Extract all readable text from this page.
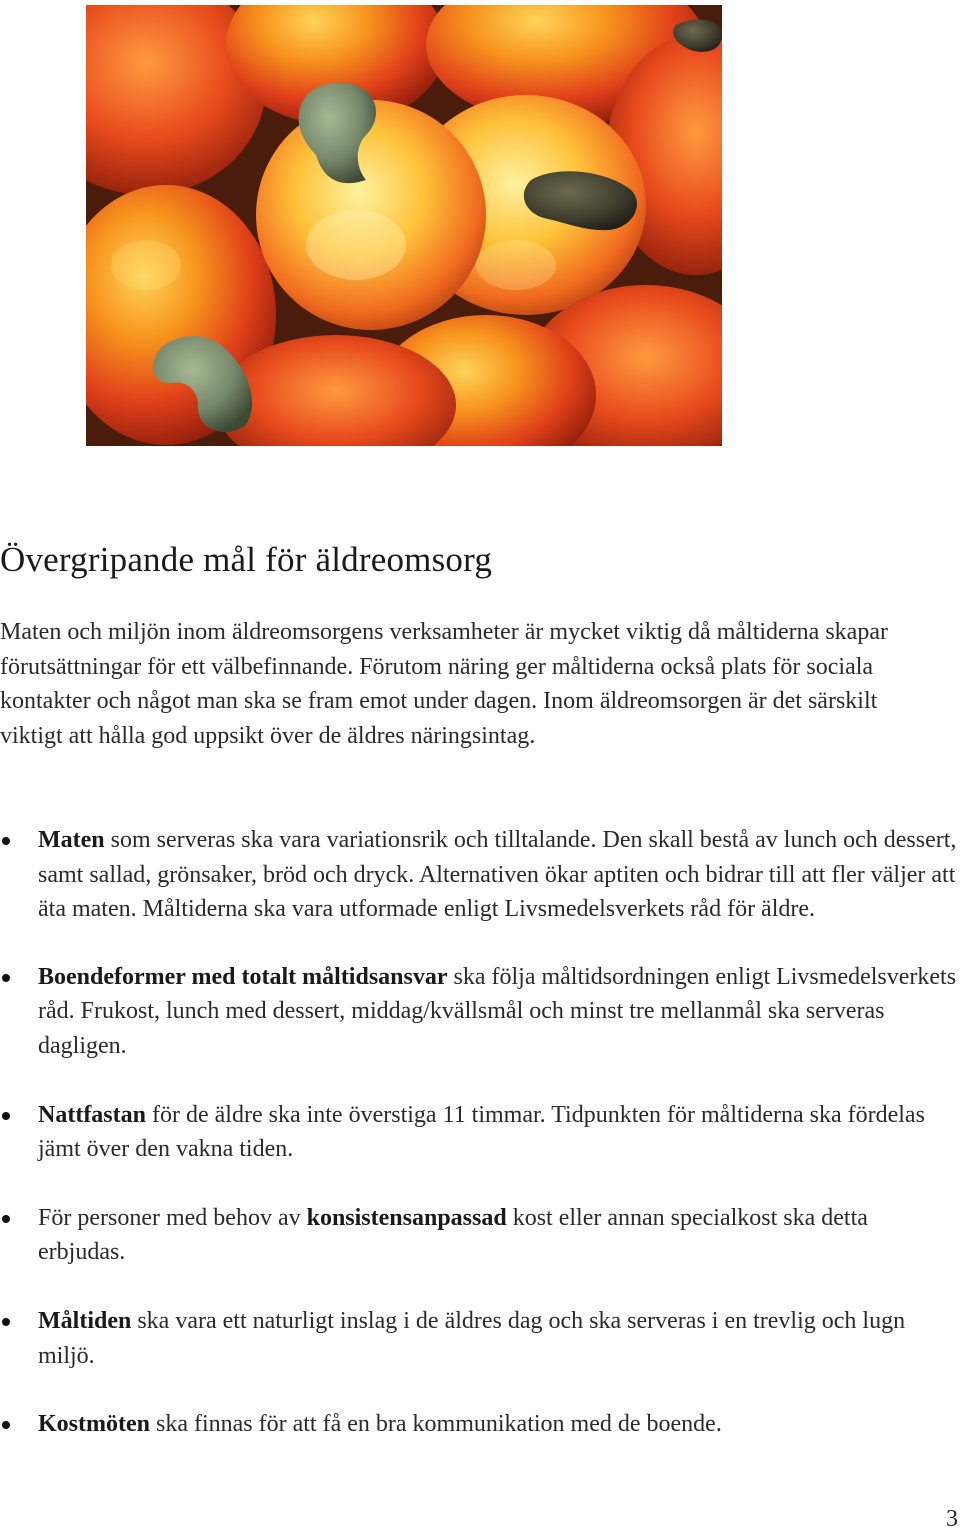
Övergripande mål för äldreomsorg

Maten och miljön inom äldreomsorgens verksamheter är mycket viktig då måltiderna skapar förutsättningar för ett välbefinnande. Förutom näring ger måltiderna också plats för sociala kontakter och något man ska se fram emot under dagen. Inom äldreomsorgen är det särskilt viktigt att hålla god uppsikt över de äldres näringsintag.

Maten som serveras ska vara variationsrik och tilltalande. Den skall bestå av lunch och dessert, samt sallad, grönsaker, bröd och dryck. Alternativen ökar aptiten och bidrar till att fler väljer att äta maten. Måltiderna ska vara utformade enligt Livsmedelsverkets råd för äldre.
Boendeformer med totalt måltidsansvar ska följa måltidsordningen enligt Livsmedelsverkets råd. Frukost, lunch med dessert, middag/kvällsmål och minst tre mellanmål ska serveras dagligen.
Nattfastan för de äldre ska inte överstiga 11 timmar. Tidpunkten för måltiderna ska fördelas jämt över den vakna tiden.
För personer med behov av konsistensanpassad kost eller annan specialkost ska detta erbjudas.
Måltiden ska vara ett naturligt inslag i de äldres dag och ska serveras i en trevlig och lugn miljö.
Kostmöten ska finnas för att få en bra kommunikation med de boende.
3
